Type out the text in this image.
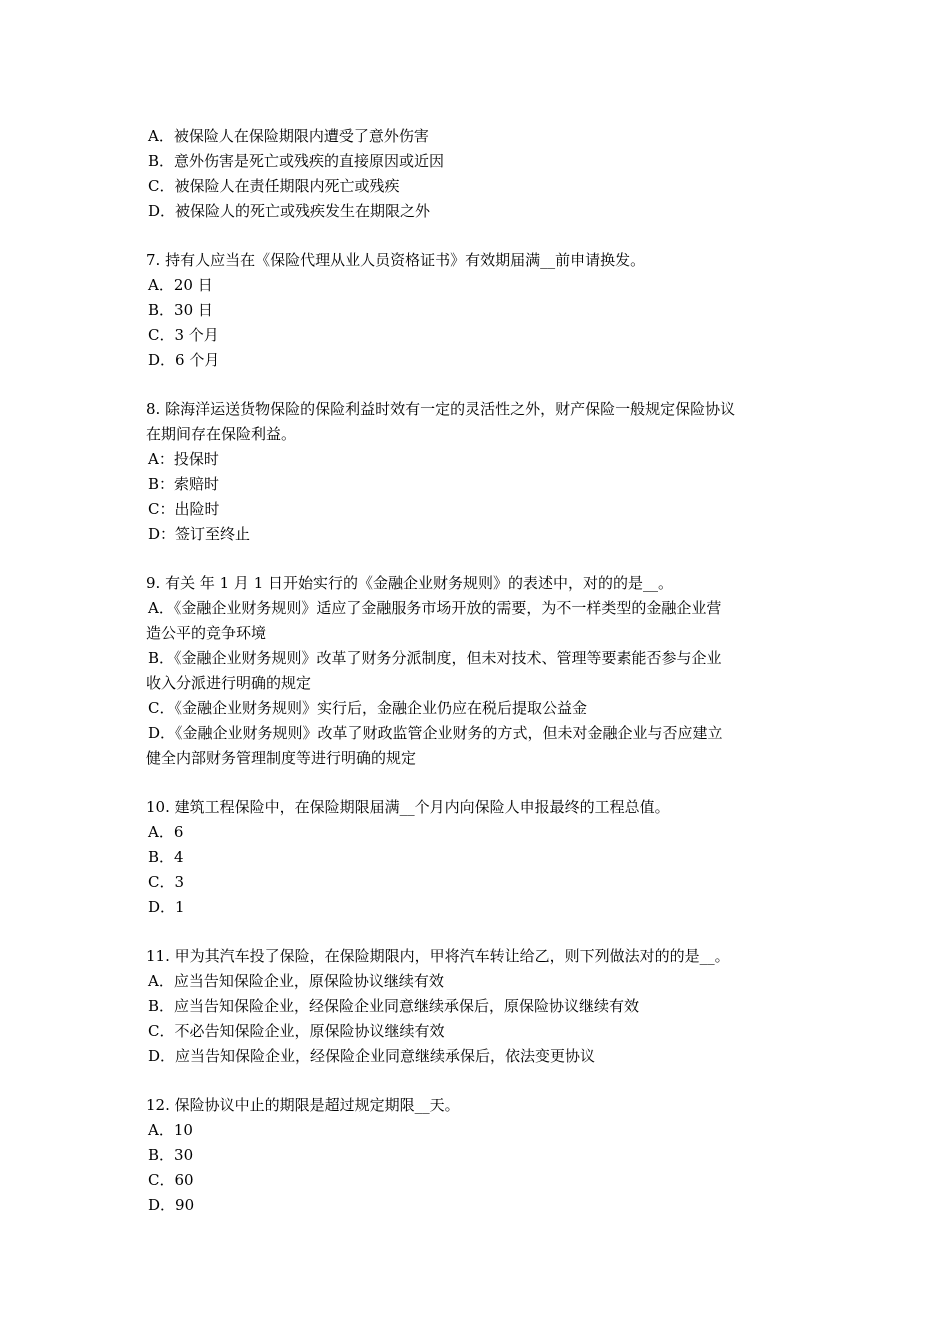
A．被保险人在保险期限内遭受了意外伤害
B．意外伤害是死亡或残疾的直接原因或近因
C．被保险人在责任期限内死亡或残疾
D．被保险人的死亡或残疾发生在期限之外
7. 持有人应当在《保险代理从业人员资格证书》有效期届满__前申请换发。
A．20 日
B．30 日
C．3 个月
D．6 个月
8. 除海洋运送货物保险的保险利益时效有一定的灵活性之外，财产保险一般规定保险协议
在期间存在保险利益。
A：投保时
B：索赔时
C：出险时
D：签订至终止
9. 有关 年 1 月 1 日开始实行的《金融企业财务规则》的表述中，对的的是__。
A．《金融企业财务规则》适应了金融服务市场开放的需要，为不一样类型的金融企业营
造公平的竞争环境
B．《金融企业财务规则》改革了财务分派制度，但未对技术、管理等要素能否参与企业
收入分派进行明确的规定
C．《金融企业财务规则》实行后，金融企业仍应在税后提取公益金
D．《金融企业财务规则》改革了财政监管企业财务的方式，但未对金融企业与否应建立
健全内部财务管理制度等进行明确的规定
10. 建筑工程保险中，在保险期限届满__个月内向保险人申报最终的工程总值。
A．6
B．4
C．3
D．1
11. 甲为其汽车投了保险，在保险期限内，甲将汽车转让给乙，则下列做法对的的是__。
A．应当告知保险企业，原保险协议继续有效
B．应当告知保险企业，经保险企业同意继续承保后，原保险协议继续有效
C．不必告知保险企业，原保险协议继续有效
D．应当告知保险企业，经保险企业同意继续承保后，依法变更协议
12. 保险协议中止的期限是超过规定期限__天。
A．10
B．30
C．60
D．90
